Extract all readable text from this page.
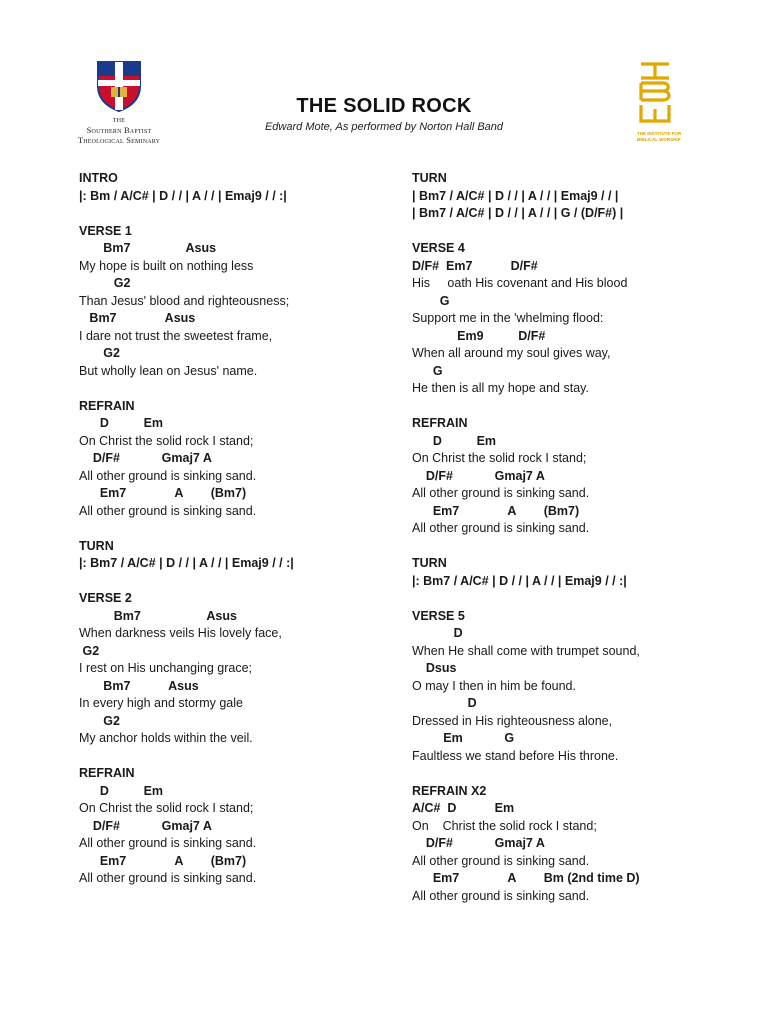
THE
Southern Baptist
Theological Seminary
THE SOLID ROCK
Edward Mote, As performed by Norton Hall Band
THE INSTITUTE FOR BIBLICAL WORSHIP
INTRO
|: Bm / A/C# | D / / | A / / | Emaj9 / / :|
VERSE 1
Bm7                Asus
My hope is built on nothing less
G2
Than Jesus' blood and righteousness;
Bm7              Asus
I dare not trust the sweetest frame,
G2
But wholly lean on Jesus' name.
REFRAIN
D          Em
On Christ the solid rock I stand;
D/F#            Gmaj7 A
All other ground is sinking sand.
Em7              A        (Bm7)
All other ground is sinking sand.
TURN
|: Bm7 / A/C# | D / / | A / / | Emaj9 / / :|
VERSE 2
Bm7                   Asus
When darkness veils His lovely face,
G2
I rest on His unchanging grace;
Bm7           Asus
In every high and stormy gale
G2
My anchor holds within the veil.
REFRAIN
D          Em
On Christ the solid rock I stand;
D/F#            Gmaj7 A
All other ground is sinking sand.
Em7              A        (Bm7)
All other ground is sinking sand.
TURN
| Bm7 / A/C# | D / / | A / / | Emaj9 / / |
| Bm7 / A/C# | D / / | A / / | G / (D/F#) |
VERSE 4
D/F#  Em7           D/F#
His     oath His covenant and His blood
G
Support me in the 'whelming flood:
Em9          D/F#
When all around my soul gives way,
G
He then is all my hope and stay.
REFRAIN
D          Em
On Christ the solid rock I stand;
D/F#            Gmaj7 A
All other ground is sinking sand.
Em7              A        (Bm7)
All other ground is sinking sand.
TURN
|: Bm7 / A/C# | D / / | A / / | Emaj9 / / :|
VERSE 5
D
When He shall come with trumpet sound,
Dsus
O may I then in him be found.
D
Dressed in His righteousness alone,
Em            G
Faultless we stand before His throne.
REFRAIN X2
A/C#  D           Em
On    Christ the solid rock I stand;
D/F#            Gmaj7 A
All other ground is sinking sand.
Em7              A        Bm (2nd time D)
All other ground is sinking sand.
